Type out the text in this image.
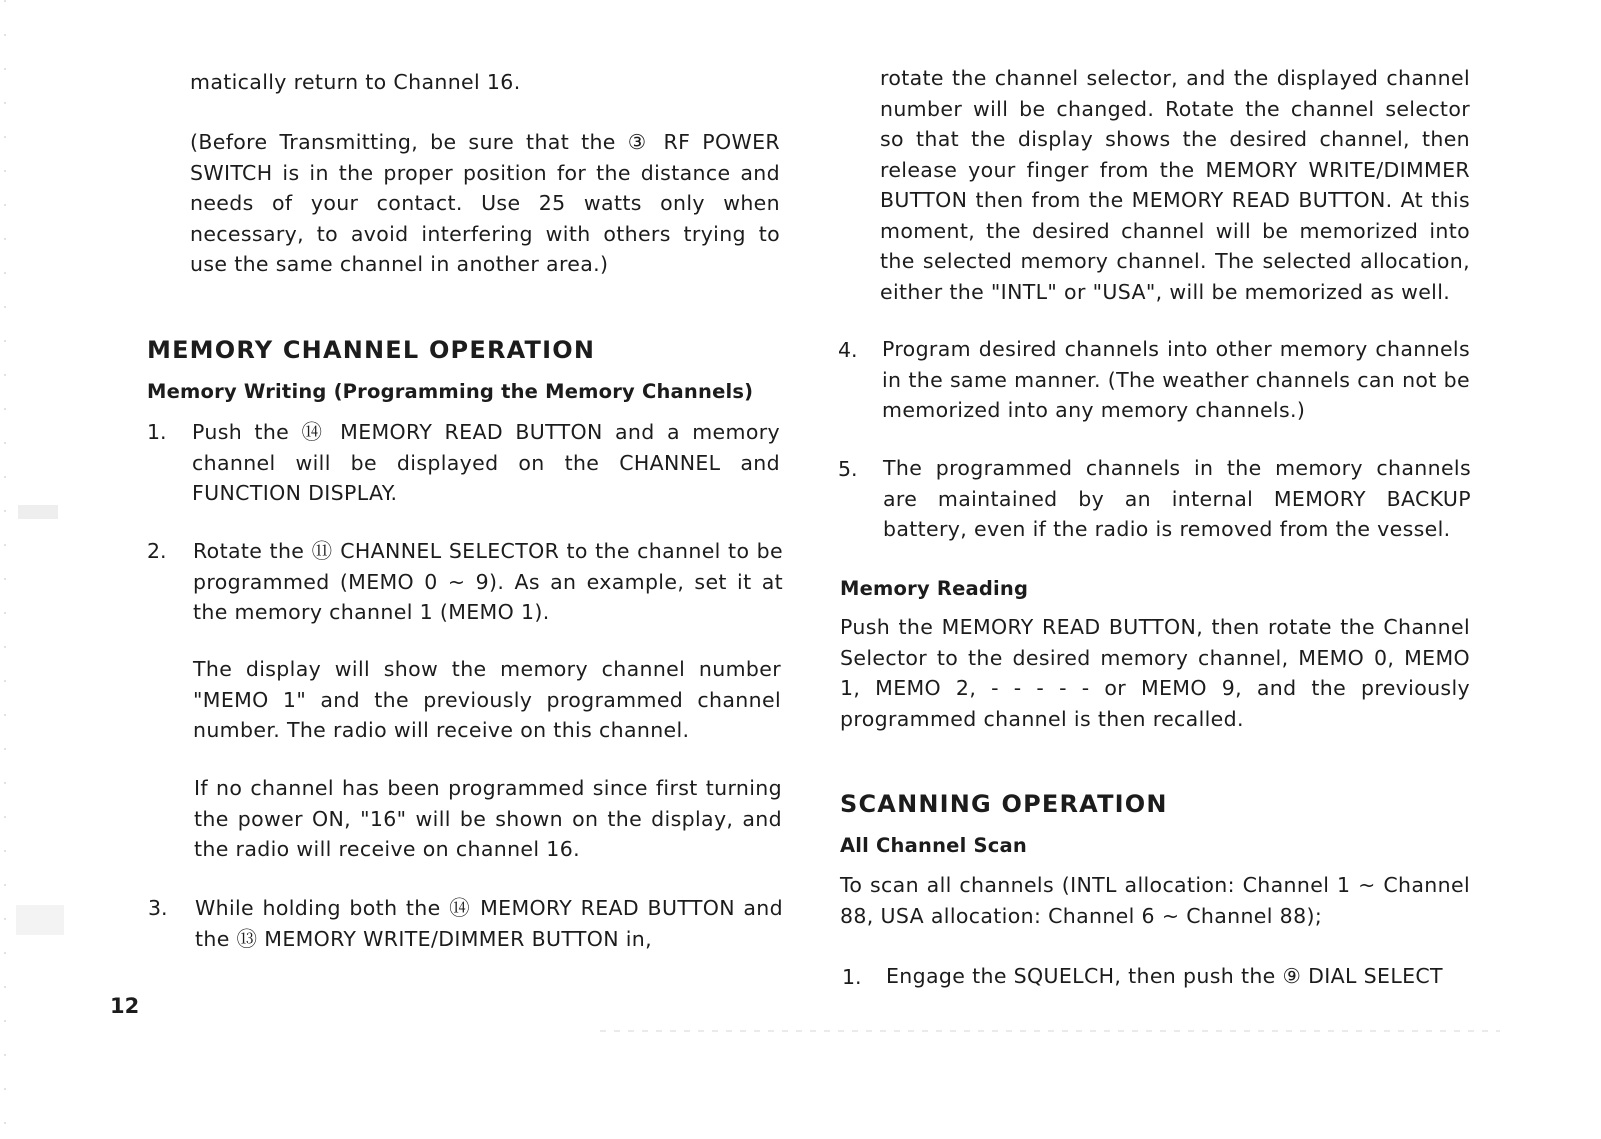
matically return to Channel 16.
(Before Transmitting, be sure that the ③ RF POWER SWITCH is in the proper position for the distance and needs of your contact. Use 25 watts only when necessary, to avoid interfering with others trying to use the same channel in another area.)
MEMORY CHANNEL OPERATION
Memory Writing (Programming the Memory Channels)
1. Push the ⑭ MEMORY READ BUTTON and a memory channel will be displayed on the CHANNEL and FUNCTION DISPLAY.
2. Rotate the ⑪ CHANNEL SELECTOR to the channel to be programmed (MEMO 0 ~ 9). As an example, set it at the memory channel 1 (MEMO 1).
The display will show the memory channel number "MEMO 1" and the previously programmed channel number. The radio will receive on this channel.
If no channel has been programmed since first turning the power ON, "16" will be shown on the display, and the radio will receive on channel 16.
3. While holding both the ⑭ MEMORY READ BUTTON and the ⑬ MEMORY WRITE/DIMMER BUTTON in,
rotate the channel selector, and the displayed channel number will be changed. Rotate the channel selector so that the display shows the desired channel, then release your finger from the MEMORY WRITE/DIMMER BUTTON then from the MEMORY READ BUTTON. At this moment, the desired channel will be memorized into the selected memory channel. The selected allocation, either the "INTL" or "USA", will be memorized as well.
4. Program desired channels into other memory channels in the same manner. (The weather channels can not be memorized into any memory channels.)
5. The programmed channels in the memory channels are maintained by an internal MEMORY BACKUP battery, even if the radio is removed from the vessel.
Memory Reading
Push the MEMORY READ BUTTON, then rotate the Channel Selector to the desired memory channel, MEMO 0, MEMO 1, MEMO 2, - - - - - or MEMO 9, and the previously programmed channel is then recalled.
SCANNING OPERATION
All Channel Scan
To scan all channels (INTL allocation: Channel 1 ~ Channel 88, USA allocation: Channel 6 ~ Channel 88);
1. Engage the SQUELCH, then push the ⑨ DIAL SELECT
12
